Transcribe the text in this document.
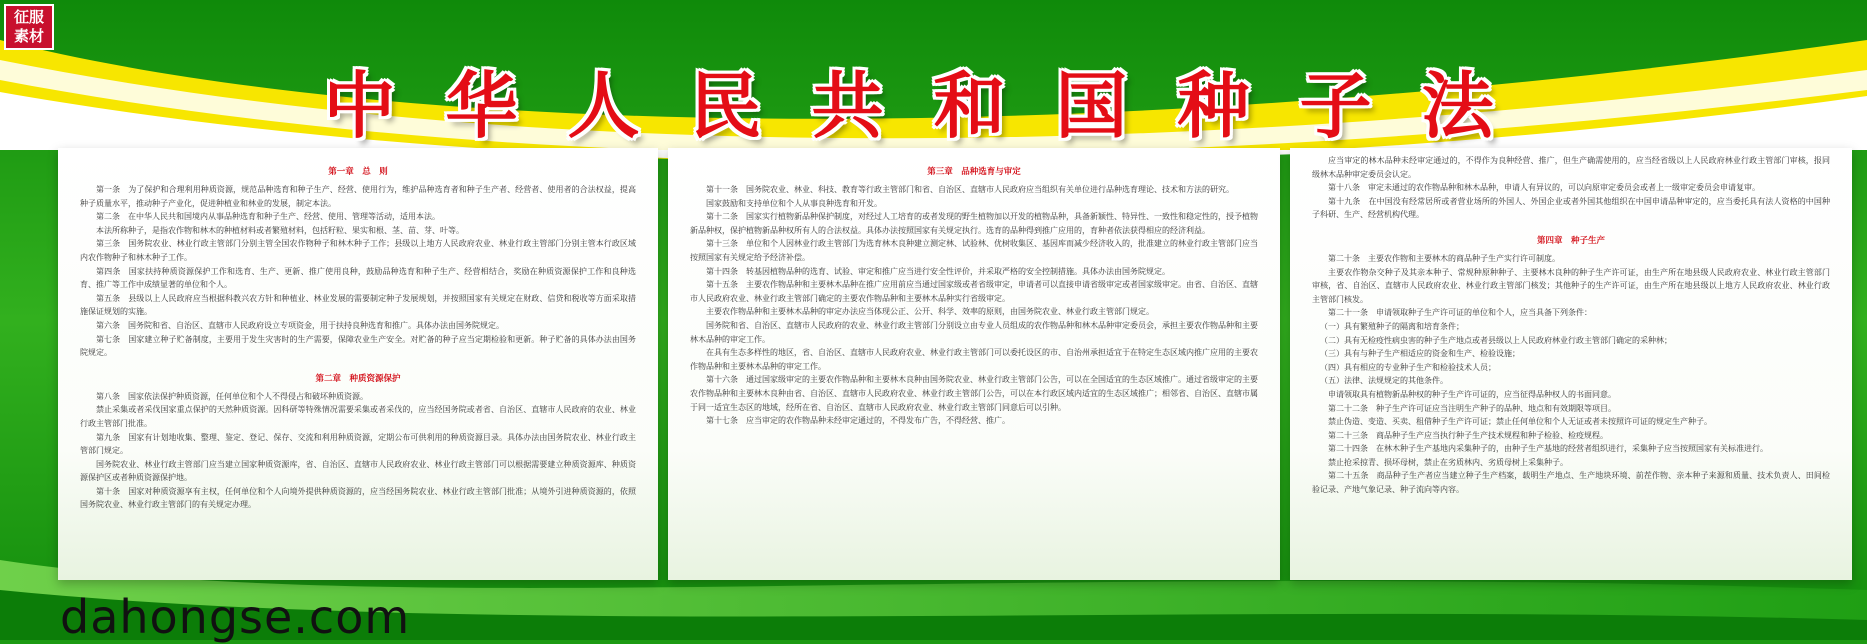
征服
素材
中华人民共和国种子法
第一章　总　则

第一条　为了保护和合理利用种质资源，规范品种选育和种子生产、经营、使用行为，维护品种选育者和种子生产者、经营者、使用者的合法权益，提高种子质量水平，推动种子产业化，促进种植业和林业的发展，制定本法。

第二条　在中华人民共和国境内从事品种选育和种子生产、经营、使用、管理等活动，适用本法。

本法所称种子，是指农作物和林木的种植材料或者繁殖材料，包括籽粒、果实和根、茎、苗、芽、叶等。

第三条　国务院农业、林业行政主管部门分别主管全国农作物种子和林木种子工作；县级以上地方人民政府农业、林业行政主管部门分别主管本行政区域内农作物种子和林木种子工作。

第四条　国家扶持种质资源保护工作和选育、生产、更新、推广使用良种，鼓励品种选育和种子生产、经营相结合，奖励在种质资源保护工作和良种选育、推广等工作中成绩显著的单位和个人。

第五条　县级以上人民政府应当根据科教兴农方针和种植业、林业发展的需要制定种子发展规划，并按照国家有关规定在财政、信贷和税收等方面采取措施保证规划的实施。

第六条　国务院和省、自治区、直辖市人民政府设立专项资金，用于扶持良种选育和推广。具体办法由国务院规定。

第七条　国家建立种子贮备制度，主要用于发生灾害时的生产需要，保障农业生产安全。对贮备的种子应当定期检验和更新。种子贮备的具体办法由国务院规定。

第二章　种质资源保护

第八条　国家依法保护种质资源，任何单位和个人不得侵占和破坏种质资源。

禁止采集或者采伐国家重点保护的天然种质资源。因科研等特殊情况需要采集或者采伐的，应当经国务院或者省、自治区、直辖市人民政府的农业、林业行政主管部门批准。

第九条　国家有计划地收集、整理、鉴定、登记、保存、交流和利用种质资源，定期公布可供利用的种质资源目录。具体办法由国务院农业、林业行政主管部门规定。

国务院农业、林业行政主管部门应当建立国家种质资源库，省、自治区、直辖市人民政府农业、林业行政主管部门可以根据需要建立种质资源库、种质资源保护区或者种质资源保护地。

第十条　国家对种质资源享有主权，任何单位和个人向境外提供种质资源的，应当经国务院农业、林业行政主管部门批准；从境外引进种质资源的，依照国务院农业、林业行政主管部门的有关规定办理。

第三章　品种选育与审定

第十一条　国务院农业、林业、科技、教育等行政主管部门和省、自治区、直辖市人民政府应当组织有关单位进行品种选育理论、技术和方法的研究。

国家鼓励和支持单位和个人从事良种选育和开发。

第十二条　国家实行植物新品种保护制度，对经过人工培育的或者发现的野生植物加以开发的植物品种，具备新颖性、特异性、一致性和稳定性的，授予植物新品种权，保护植物新品种权所有人的合法权益。具体办法按照国家有关规定执行。选育的品种得到推广应用的，育种者依法获得相应的经济利益。

第十三条　单位和个人因林业行政主管部门为选育林木良种建立测定林、试验林、优树收集区、基因库而减少经济收入的，批准建立的林业行政主管部门应当按照国家有关规定给予经济补偿。

第十四条　转基因植物品种的选育、试验、审定和推广应当进行安全性评价，并采取严格的安全控制措施。具体办法由国务院规定。

第十五条　主要农作物品种和主要林木品种在推广应用前应当通过国家级或者省级审定，申请者可以直接申请省级审定或者国家级审定。由省、自治区、直辖市人民政府农业、林业行政主管部门确定的主要农作物品种和主要林木品种实行省级审定。

主要农作物品种和主要林木品种的审定办法应当体现公正、公开、科学、效率的原则，由国务院农业、林业行政主管部门规定。

国务院和省、自治区、直辖市人民政府的农业、林业行政主管部门分别设立由专业人员组成的农作物品种和林木品种审定委员会，承担主要农作物品种和主要林木品种的审定工作。

在具有生态多样性的地区，省、自治区、直辖市人民政府农业、林业行政主管部门可以委托设区的市、自治州承担适宜于在特定生态区域内推广应用的主要农作物品种和主要林木品种的审定工作。

第十六条　通过国家级审定的主要农作物品种和主要林木良种由国务院农业、林业行政主管部门公告，可以在全国适宜的生态区域推广。通过省级审定的主要农作物品种和主要林木良种由省、自治区、直辖市人民政府农业、林业行政主管部门公告，可以在本行政区域内适宜的生态区域推广；相邻省、自治区、直辖市属于同一适宜生态区的地域，经所在省、自治区、直辖市人民政府农业、林业行政主管部门同意后可以引种。

第十七条　应当审定的农作物品种未经审定通过的，不得发布广告，不得经营、推广。

应当审定的林木品种未经审定通过的，不得作为良种经营、推广，但生产确需使用的，应当经省级以上人民政府林业行政主管部门审核，报同级林木品种审定委员会认定。

第十八条　审定未通过的农作物品种和林木品种，申请人有异议的，可以向原审定委员会或者上一级审定委员会申请复审。

第十九条　在中国没有经常居所或者营业场所的外国人、外国企业或者外国其他组织在中国申请品种审定的，应当委托具有法人资格的中国种子科研、生产、经营机构代理。

第四章　种子生产

第二十条　主要农作物和主要林木的商品种子生产实行许可制度。

主要农作物杂交种子及其亲本种子、常规种原种种子、主要林木良种的种子生产许可证，由生产所在地县级人民政府农业、林业行政主管部门审核，省、自治区、直辖市人民政府农业、林业行政主管部门核发；其他种子的生产许可证，由生产所在地县级以上地方人民政府农业、林业行政主管部门核发。

第二十一条　申请领取种子生产许可证的单位和个人，应当具备下列条件：

（一）具有繁殖种子的隔离和培育条件；

（二）具有无检疫性病虫害的种子生产地点或者县级以上人民政府林业行政主管部门确定的采种林；

（三）具有与种子生产相适应的资金和生产、检验设施；

（四）具有相应的专业种子生产和检验技术人员；

（五）法律、法规规定的其他条件。

申请领取具有植物新品种权的种子生产许可证的，应当征得品种权人的书面同意。

第二十二条　种子生产许可证应当注明生产种子的品种、地点和有效期限等项目。

禁止伪造、变造、买卖、租借种子生产许可证；禁止任何单位和个人无证或者未按照许可证的规定生产种子。

第二十三条　商品种子生产应当执行种子生产技术规程和种子检验、检疫规程。

第二十四条　在林木种子生产基地内采集种子的，由种子生产基地的经营者组织进行，采集种子应当按照国家有关标准进行。

禁止抢采掠青、损坏母树，禁止在劣质林内、劣质母树上采集种子。

第二十五条　商品种子生产者应当建立种子生产档案，载明生产地点、生产地块环境、前茬作物、亲本种子来源和质量、技术负责人、田间检验记录、产地气象记录、种子流向等内容。

dahongse.com
